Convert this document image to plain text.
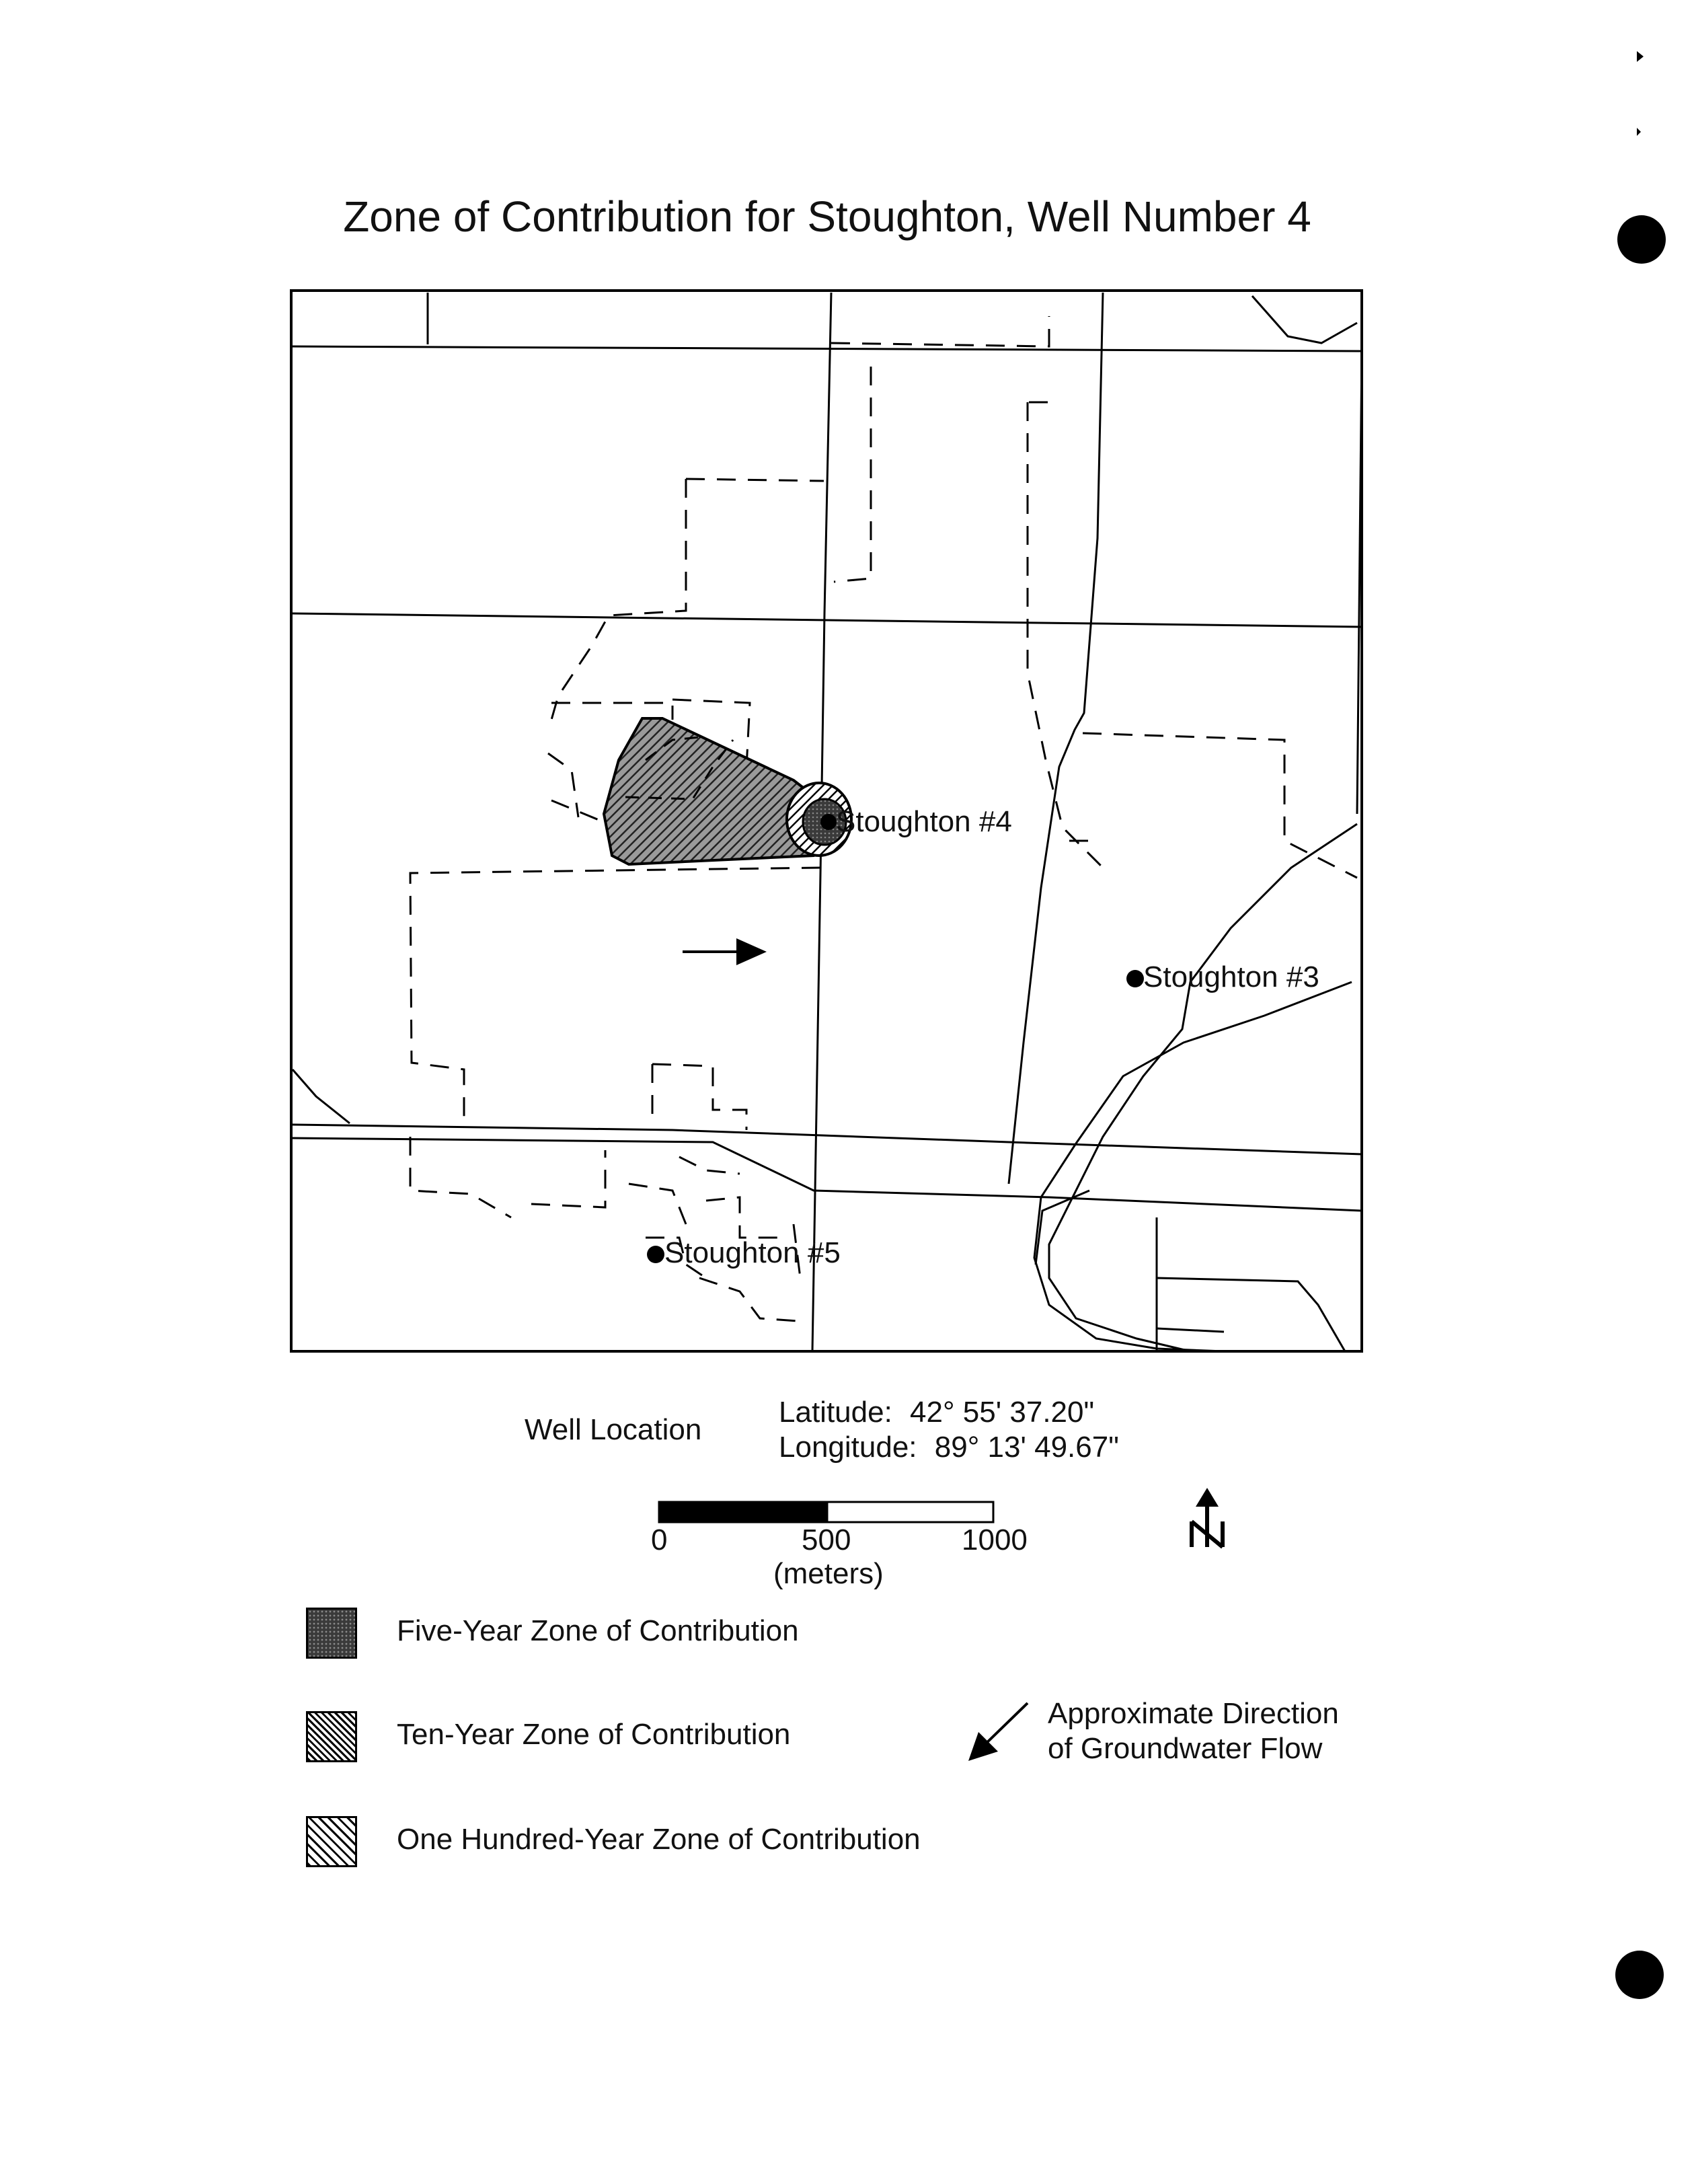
Zone of Contribution for Stoughton, Well Number 4
Stoughton #4
Stoughton #3
Stoughton #5
Well Location
Latitude: 42° 55' 37.20"
Longitude: 89° 13' 49.67"
0	500	1000
(meters)
Five-Year Zone of Contribution
Ten-Year Zone of Contribution
One Hundred-Year Zone of Contribution
Approximate Direction
of Groundwater Flow
